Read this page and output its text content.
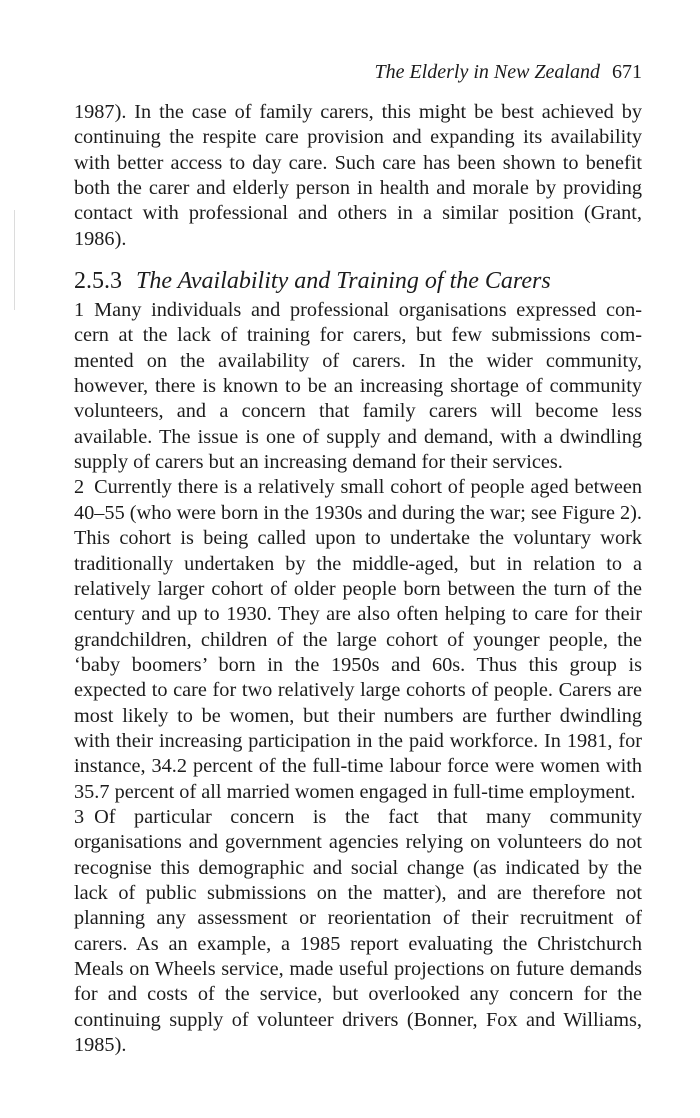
The Elderly in New Zealand 671

1987). In the case of family carers, this might be best achieved by continuing the respite care provision and expanding its availability with better access to day care. Such care has been shown to benefit both the carer and elderly person in health and morale by providing contact with professional and others in a similar position (Grant, 1986).

2.5.3 The Availability and Training of the Carers

1 Many individuals and professional organisations expressed concern at the lack of training for carers, but few submissions commented on the availability of carers. In the wider community, however, there is known to be an increasing shortage of community volunteers, and a concern that family carers will become less available. The issue is one of supply and demand, with a dwindling supply of carers but an increasing demand for their services.

2 Currently there is a relatively small cohort of people aged between 40–55 (who were born in the 1930s and during the war; see Figure 2). This cohort is being called upon to undertake the voluntary work traditionally undertaken by the middle-aged, but in relation to a relatively larger cohort of older people born between the turn of the century and up to 1930. They are also often helping to care for their grandchildren, children of the large cohort of younger people, the ‘baby boomers’ born in the 1950s and 60s. Thus this group is expected to care for two relatively large cohorts of people. Carers are most likely to be women, but their numbers are further dwindling with their increasing participation in the paid workforce. In 1981, for instance, 34.2 percent of the full-time labour force were women with 35.7 percent of all married women engaged in full-time employment.

3 Of particular concern is the fact that many community organisations and government agencies relying on volunteers do not recognise this demographic and social change (as indicated by the lack of public submissions on the matter), and are therefore not planning any assessment or reorientation of their recruitment of carers. As an example, a 1985 report evaluating the Christchurch Meals on Wheels service, made useful projections on future demands for and costs of the service, but overlooked any concern for the continuing supply of volunteer drivers (Bonner, Fox and Williams, 1985).
